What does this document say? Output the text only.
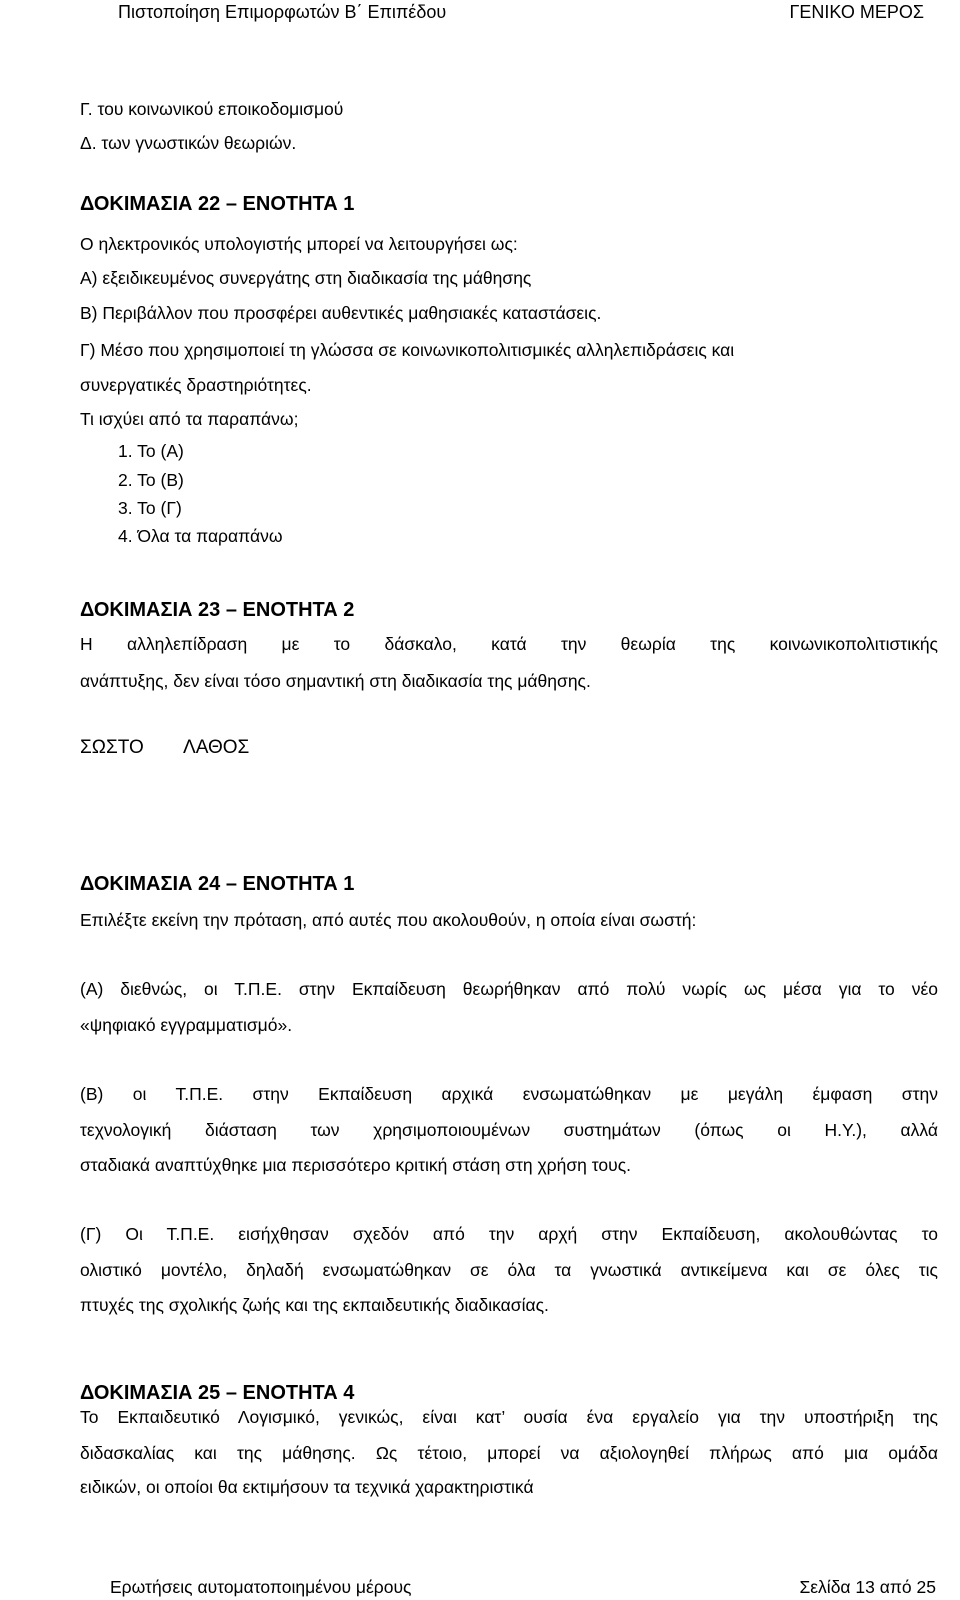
Πιστοποίηση Επιμορφωτών Β΄ Επιπέδου	ΓΕΝΙΚΟ ΜΕΡΟΣ
Γ. του κοινωνικού εποικοδομισμού
Δ. των γνωστικών θεωριών.
ΔΟΚΙΜΑΣΙΑ 22 – ΕΝΟΤΗΤΑ 1
Ο ηλεκτρονικός υπολογιστής μπορεί να λειτουργήσει ως:
Α) εξειδικευμένος συνεργάτης στη διαδικασία της μάθησης
Β) Περιβάλλον που προσφέρει αυθεντικές μαθησιακές καταστάσεις.
Γ) Μέσο που χρησιμοποιεί τη γλώσσα σε κοινωνικοπολιτισμικές αλληλεπιδράσεις και
συνεργατικές δραστηριότητες.
Τι ισχύει από τα παραπάνω;
1. Το (Α)
2. Το (Β)
3. Το (Γ)
4. Όλα τα παραπάνω
ΔΟΚΙΜΑΣΙΑ 23 – ΕΝΟΤΗΤΑ 2
Η αλληλεπίδραση με το δάσκαλο, κατά την θεωρία της κοινωνικοπολιτιστικής
ανάπτυξης, δεν είναι τόσο σημαντική στη διαδικασία της μάθησης.
ΣΩΣΤΟ ΛΑΘΟΣ
ΔΟΚΙΜΑΣΙΑ 24 – ΕΝΟΤΗΤΑ 1
Επιλέξτε εκείνη την πρόταση, από αυτές που ακολουθούν, η οποία είναι σωστή:
(Α) διεθνώς, οι Τ.Π.Ε. στην Εκπαίδευση θεωρήθηκαν από πολύ νωρίς ως μέσα για το νέο
«ψηφιακό εγγραμματισμό».
(Β) οι Τ.Π.Ε. στην Εκπαίδευση αρχικά ενσωματώθηκαν με μεγάλη έμφαση στην
τεχνολογική διάσταση των χρησιμοποιουμένων συστημάτων (όπως οι Η.Υ.), αλλά
σταδιακά αναπτύχθηκε μια περισσότερο κριτική στάση στη χρήση τους.
(Γ) Οι Τ.Π.Ε. εισήχθησαν σχεδόν από την αρχή στην Εκπαίδευση, ακολουθώντας το
ολιστικό μοντέλο, δηλαδή ενσωματώθηκαν σε όλα τα γνωστικά αντικείμενα και σε όλες τις
πτυχές της σχολικής ζωής και της εκπαιδευτικής διαδικασίας.
ΔΟΚΙΜΑΣΙΑ 25 – ΕΝΟΤΗΤΑ 4
Το Εκπαιδευτικό Λογισμικό, γενικώς, είναι κατ’ ουσία ένα εργαλείο για την υποστήριξη της
διδασκαλίας και της μάθησης. Ως τέτοιο, μπορεί να αξιολογηθεί πλήρως από μια ομάδα
ειδικών, οι οποίοι θα εκτιμήσουν τα τεχνικά χαρακτηριστικά
Ερωτήσεις αυτοματοποιημένου μέρους	Σελίδα 13 από 25
